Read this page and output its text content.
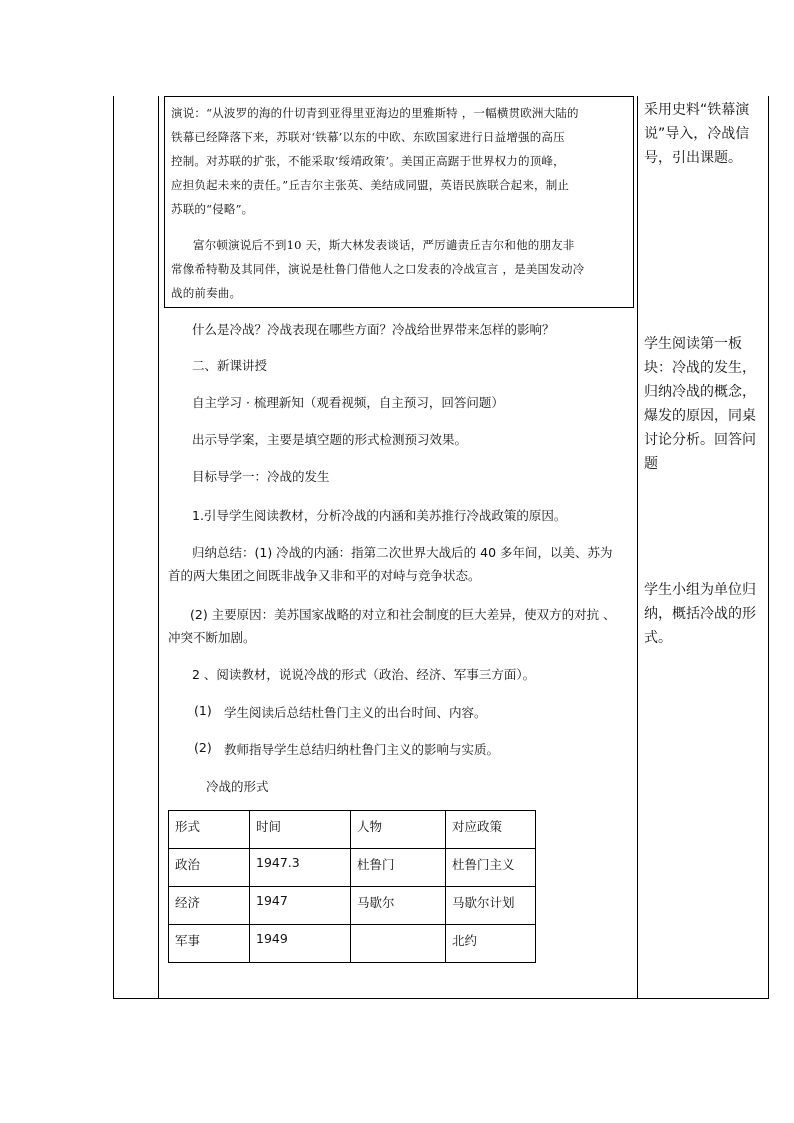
演说：“从波罗的海的什切青到亚得里亚海边的里雅斯特 ，一幅横贯欧洲大陆的
铁幕已经降落下来，苏联对‘铁幕’以东的中欧、东欧国家进行日益增强的高压
控制。对苏联的扩张，不能采取‘绥靖政策’。美国正高踞于世界权力的顶峰，
应担负起未来的责任。”丘吉尔主张英、美结成同盟，英语民族联合起来，制止
苏联的“侵略”。
富尔顿演说后不到10 天，斯大林发表谈话，严厉谴责丘吉尔和他的朋友非
常像希特勒及其同伴，演说是杜鲁门借他人之口发表的冷战宣言 ，是美国发动冷
战的前奏曲。
什么是冷战？冷战表现在哪些方面？冷战给世界带来怎样的影响？
二、新课讲授
自主学习 · 梳理新知（观看视频，自主预习，回答问题）
出示导学案，主要是填空题的形式检测预习效果。
目标导学一：冷战的发生
1.引导学生阅读教材，分析冷战的内涵和美苏推行冷战政策的原因。
归纳总结：(1) 冷战的内涵：指第二次世界大战后的 40 多年间，以美、苏为
首的两大集团之间既非战争又非和平的对峙与竞争状态。
(2) 主要原因：美苏国家战略的对立和社会制度的巨大差异，使双方的对抗 、
冲突不断加剧。
2 、阅读教材，说说冷战的形式（政治、经济、军事三方面）。
(1) 学生阅读后总结杜鲁门主义的出台时间、内容。
(2) 教师指导学生总结归纳杜鲁门主义的影响与实质。
冷战的形式
形式	时间	人物	对应政策
政治	1947.3	杜鲁门	杜鲁门主义
经济	1947	马歇尔	马歇尔计划
军事	1949		北约
采用史料“铁幕演说”导入，冷战信号，引出课题。
学生阅读第一板块：冷战的发生，归纳冷战的概念，爆发的原因，同桌讨论分析。回答问题
学生小组为单位归纳，概括冷战的形式。
